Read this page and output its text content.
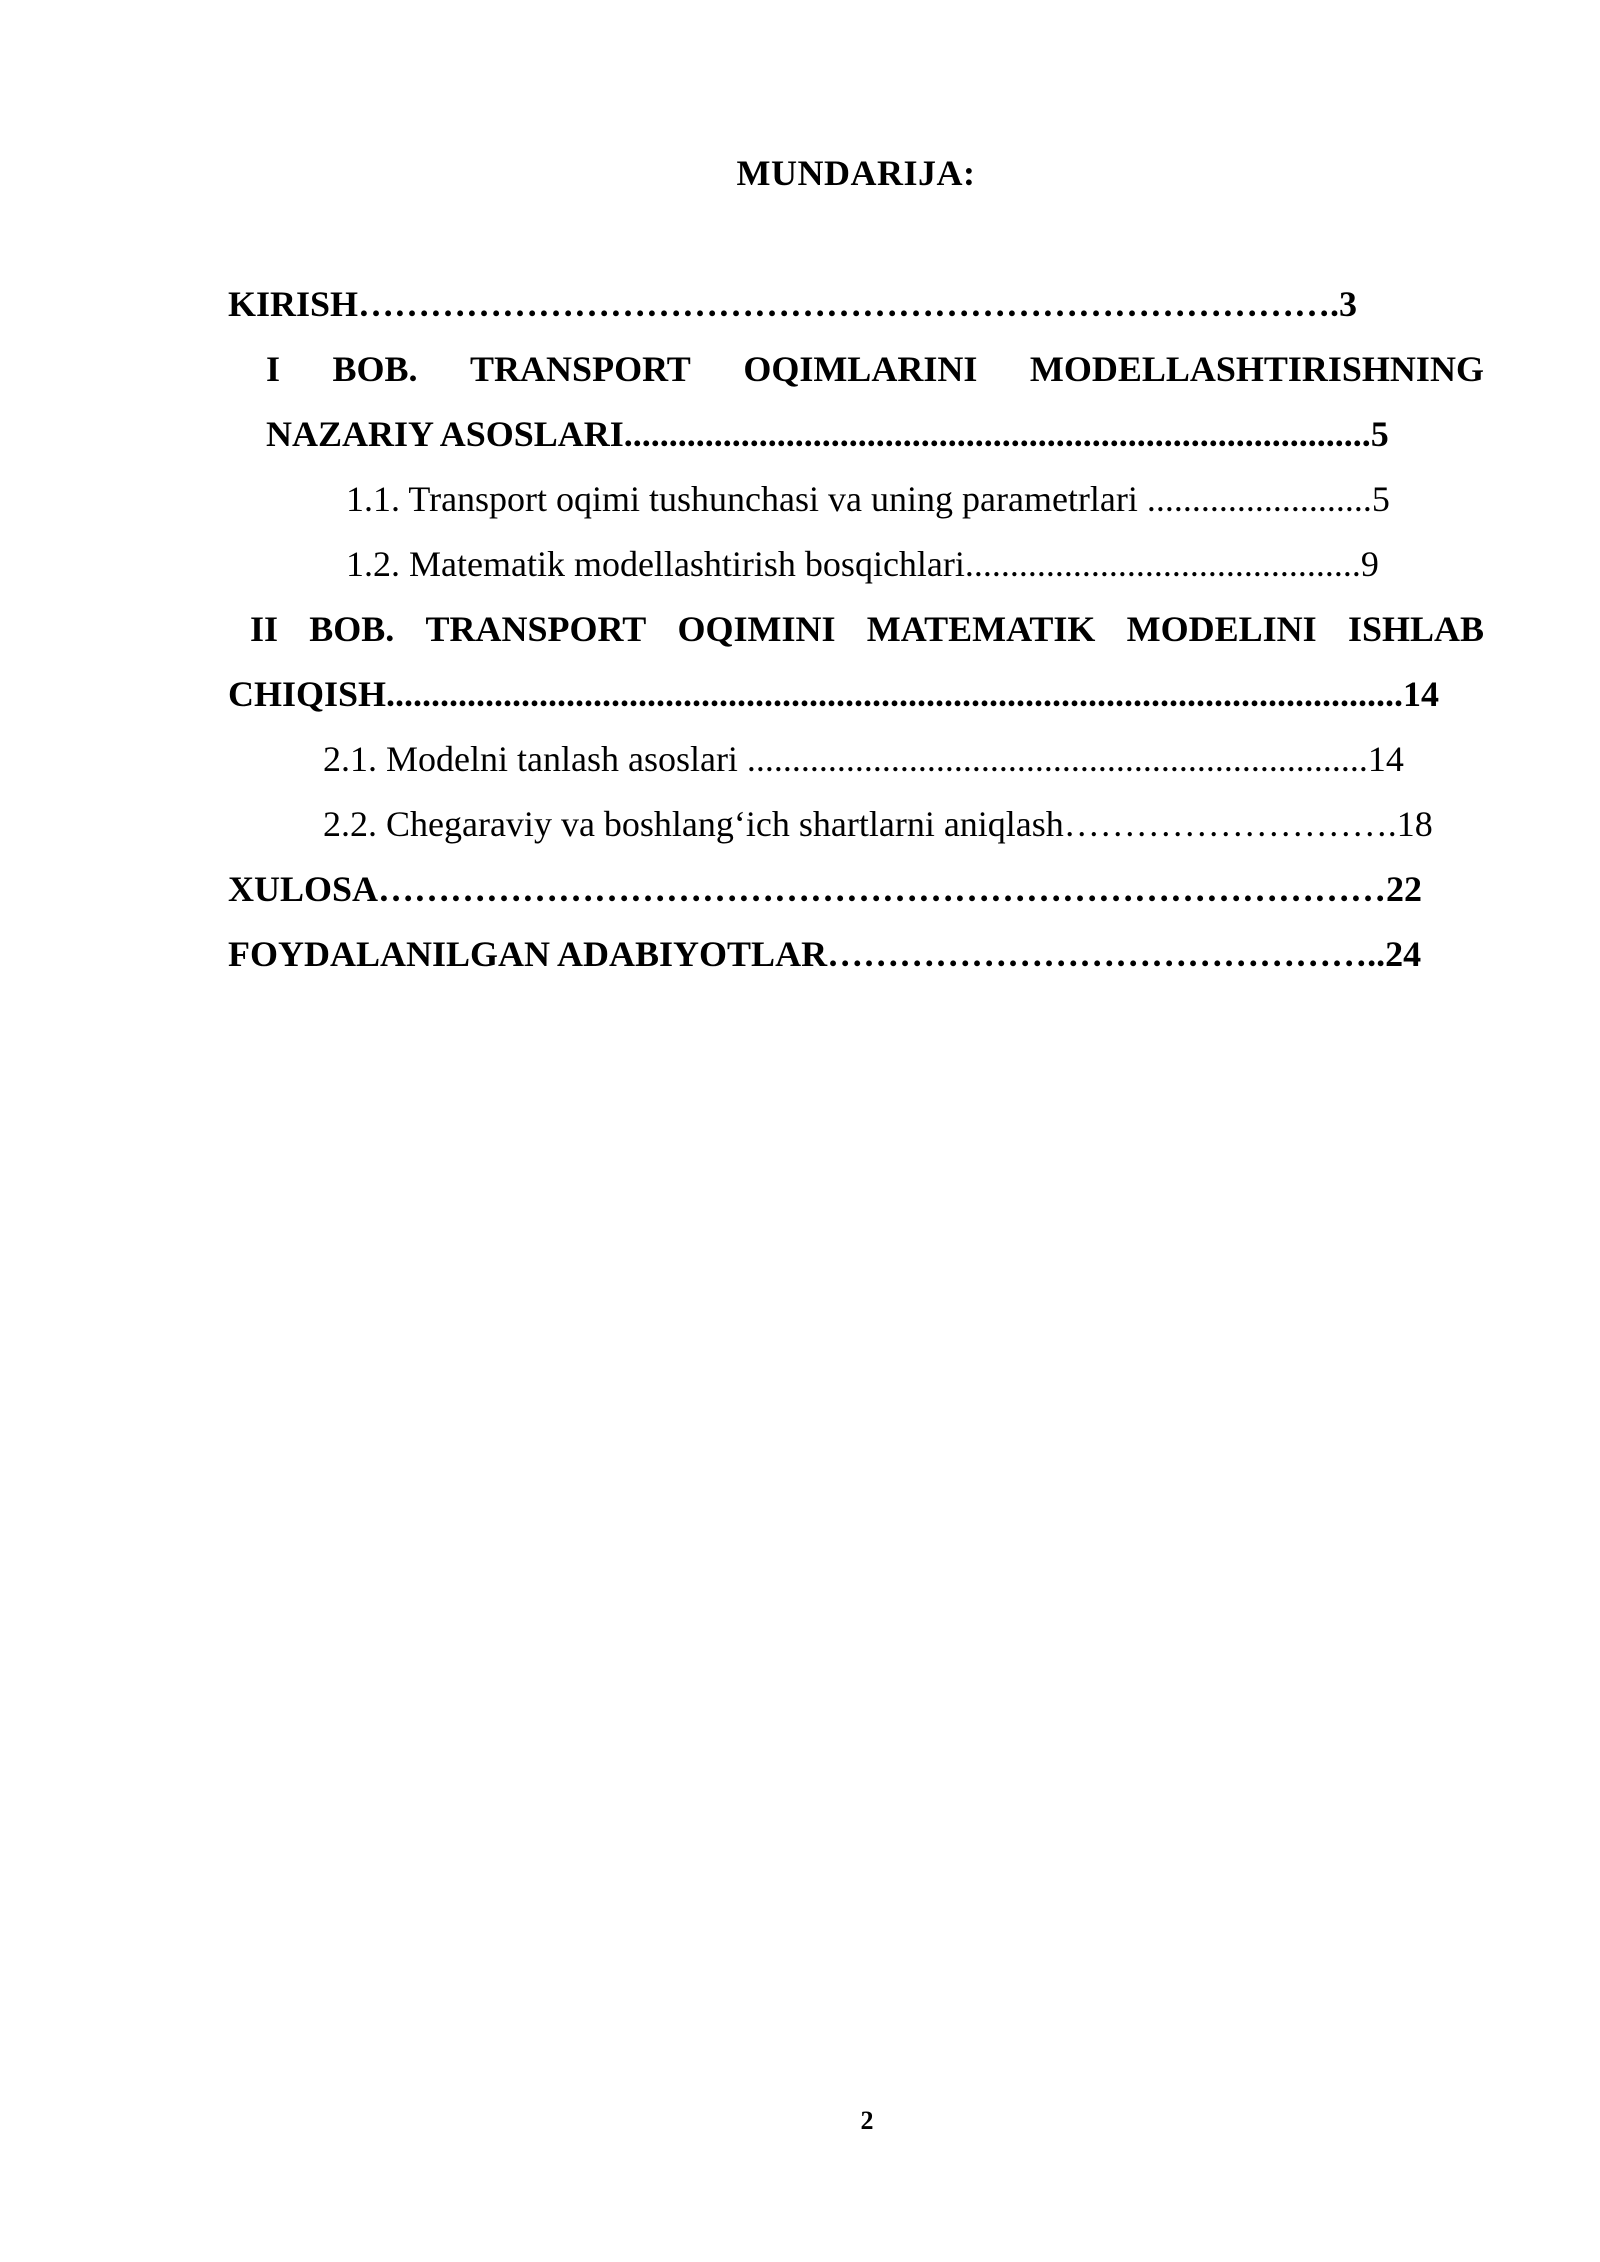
MUNDARIJA:
KIRISH……………………………………………………………………….3
I BOB. TRANSPORT OQIMLARINI MODELLASHTIRISHNING
NAZARIY ASOSLARI...................................................................................5
1.1. Transport oqimi tushunchasi va uning parametrlari .........................5
1.2. Matematik modellashtirish bosqichlari............................................9
II BOB. TRANSPORT OQIMINI MATEMATIK MODELINI ISHLAB
CHIQISH.................................................................................................................14
2.1. Modelni tanlash asoslari .....................................................................14
2.2. Chegaraviy va boshlang‘ich shartlarni aniqlash……………………….18
XULOSA…………………………………………………………………………22
FOYDALANILGAN ADABIYOTLAR………………………………………..24
2
